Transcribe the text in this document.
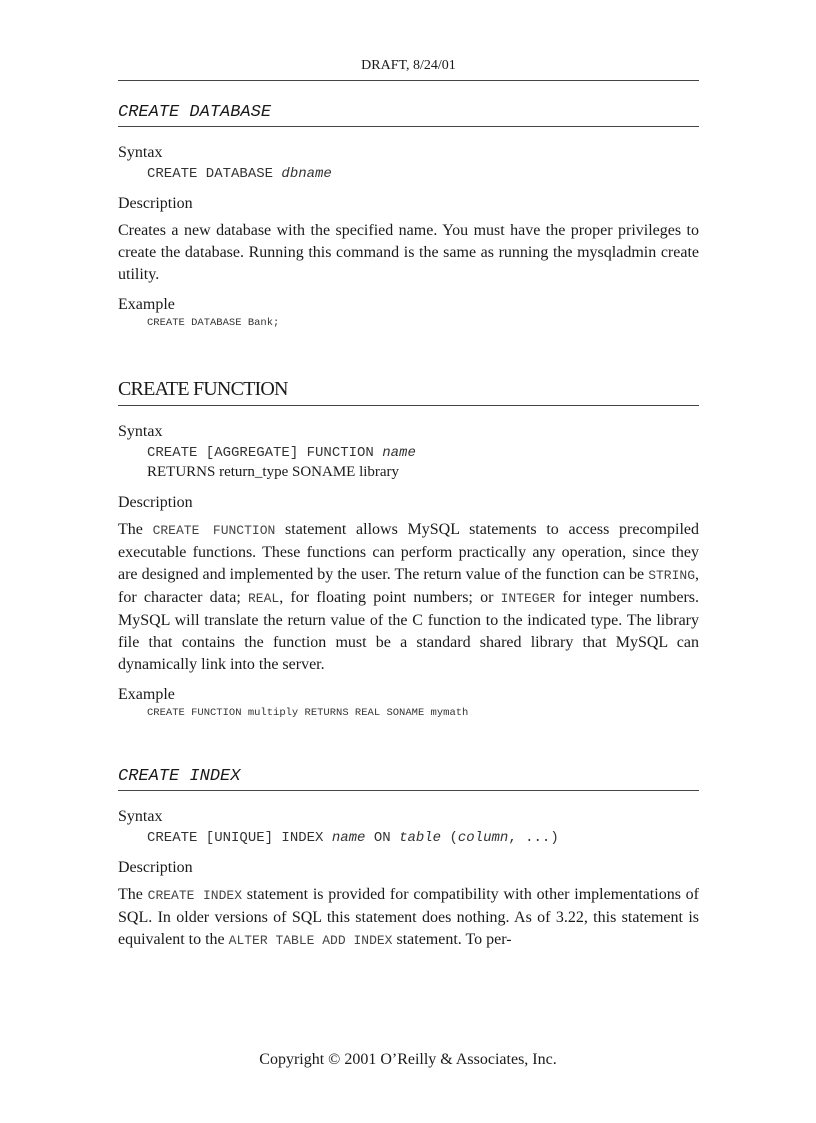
DRAFT, 8/24/01
CREATE DATABASE

Syntax

CREATE DATABASE dbname

Description

Creates a new database with the specified name. You must have the proper privileges to create the database. Running this command is the same as running the mysqladmin create utility.

Example

CREATE DATABASE Bank;

CREATE FUNCTION

Syntax

CREATE [AGGREGATE] FUNCTION name

RETURNS return_type SONAME library

Description

The CREATE FUNCTION statement allows MySQL statements to access precompiled executable functions. These functions can perform practically any operation, since they are designed and implemented by the user. The return value of the function can be STRING, for character data; REAL, for floating point numbers; or INTEGER for integer numbers. MySQL will translate the return value of the C function to the indicated type. The library file that contains the function must be a standard shared library that MySQL can dynamically link into the server.

Example

CREATE FUNCTION multiply RETURNS REAL SONAME mymath

CREATE INDEX

Syntax

CREATE [UNIQUE] INDEX name ON table (column, ...)

Description

The CREATE INDEX statement is provided for compatibility with other implementations of SQL. In older versions of SQL this statement does nothing. As of 3.22, this statement is equivalent to the ALTER TABLE ADD INDEX statement. To per-

Copyright © 2001 O’Reilly & Associates, Inc.
